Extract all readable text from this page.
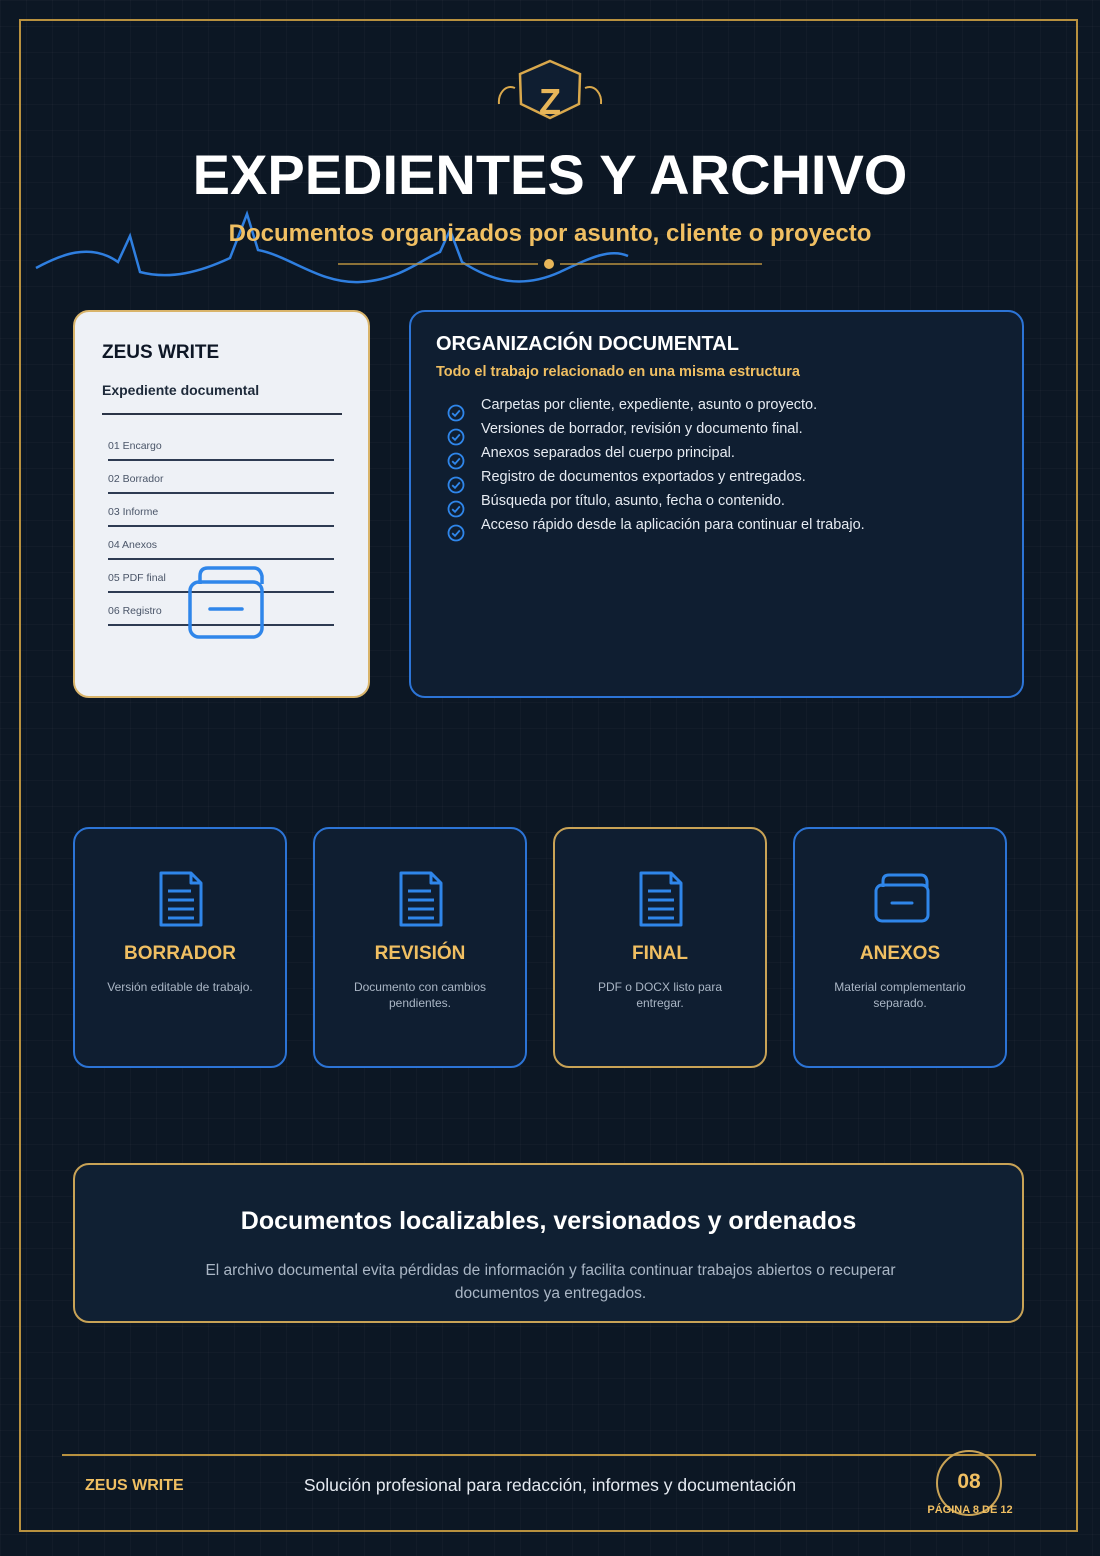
Z
EXPEDIENTES Y ARCHIVO
Documentos organizados por asunto, cliente o proyecto
ZEUS WRITE
Expediente documental
01 Encargo
02 Borrador
03 Informe
04 Anexos
05 PDF final
06 Registro
ORGANIZACIÓN DOCUMENTAL
Todo el trabajo relacionado en una misma estructura
Carpetas por cliente, expediente, asunto o proyecto.
Versiones de borrador, revisión y documento final.
Anexos separados del cuerpo principal.
Registro de documentos exportados y entregados.
Búsqueda por título, asunto, fecha o contenido.
Acceso rápido desde la aplicación para continuar el trabajo.
BORRADOR
Versión editable de trabajo.
REVISIÓN
Documento con cambios pendientes.
FINAL
PDF o DOCX listo para entregar.
ANEXOS
Material complementario separado.
Documentos localizables, versionados y ordenados
El archivo documental evita pérdidas de información y facilita continuar trabajos abiertos o recuperar documentos ya entregados.
ZEUS WRITE	Solución profesional para redacción, informes y documentación	08
PÁGINA 8 DE 12
